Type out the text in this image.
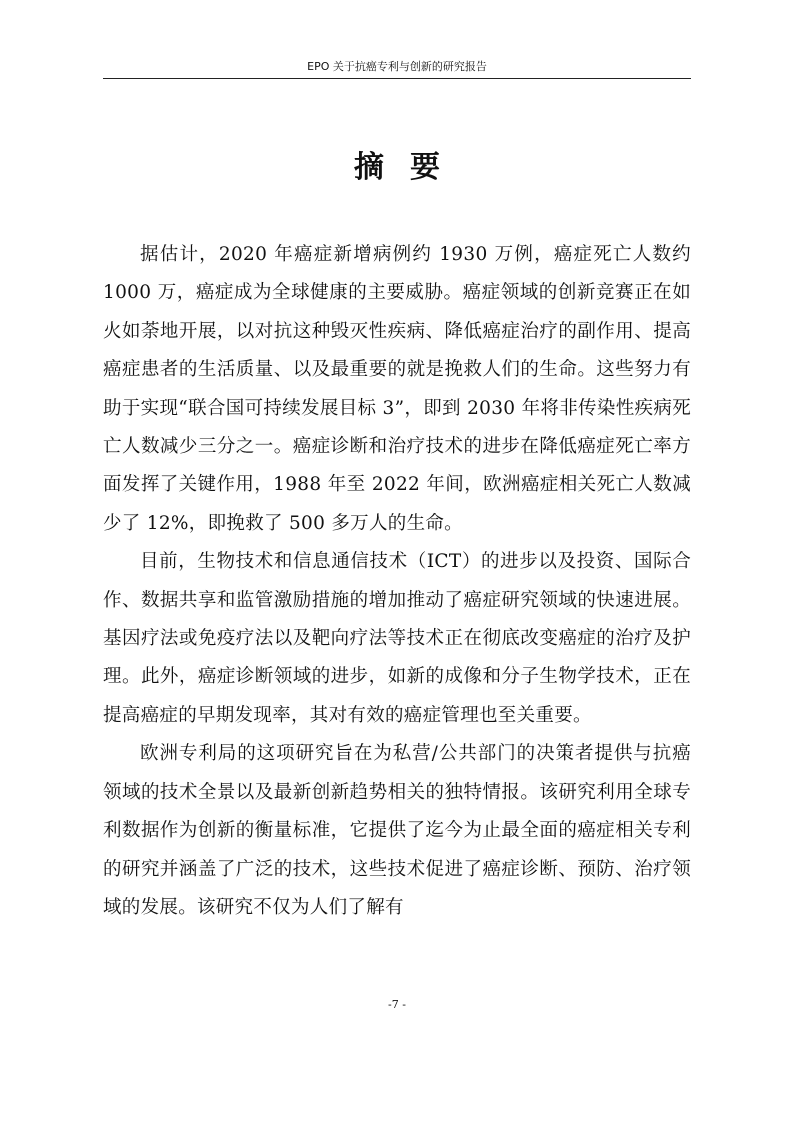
EPO 关于抗癌专利与创新的研究报告
摘要

据估计，2020 年癌症新增病例约 1930 万例，癌症死亡人数约 1000 万，癌症成为全球健康的主要威胁。癌症领域的创新竞赛正在如火如荼地开展，以对抗这种毁灭性疾病、降低癌症治疗的副作用、提高癌症患者的生活质量、以及最重要的就是挽救人们的生命。这些努力有助于实现“联合国可持续发展目标 3”，即到 2030 年将非传染性疾病死亡人数减少三分之一。癌症诊断和治疗技术的进步在降低癌症死亡率方面发挥了关键作用，1988 年至 2022 年间，欧洲癌症相关死亡人数减少了 12%，即挽救了 500 多万人的生命。

目前，生物技术和信息通信技术（ICT）的进步以及投资、国际合作、数据共享和监管激励措施的增加推动了癌症研究领域的快速进展。基因疗法或免疫疗法以及靶向疗法等技术正在彻底改变癌症的治疗及护理。此外，癌症诊断领域的进步，如新的成像和分子生物学技术，正在提高癌症的早期发现率，其对有效的癌症管理也至关重要。

欧洲专利局的这项研究旨在为私营/公共部门的决策者提供与抗癌领域的技术全景以及最新创新趋势相关的独特情报。该研究利用全球专利数据作为创新的衡量标准，它提供了迄今为止最全面的癌症相关专利的研究并涵盖了广泛的技术，这些技术促进了癌症诊断、预防、治疗领域的发展。该研究不仅为人们了解有

-7 -
